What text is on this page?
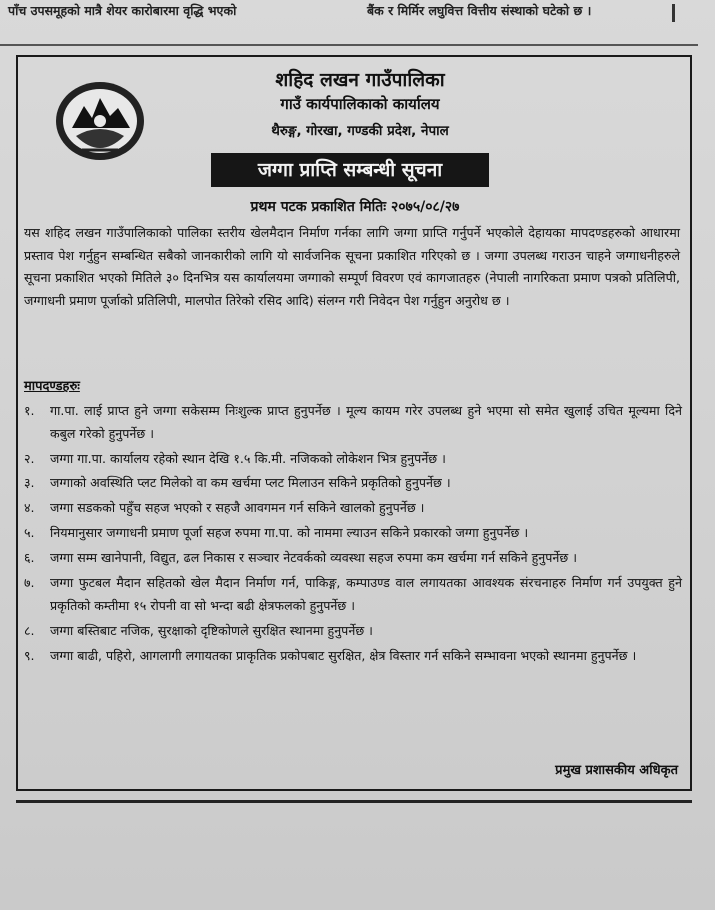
पाँच उपसमूहको मात्रै शेयर कारोबारमा वृद्धि भएको	बैंक र मिर्मिर लघुवित्त वित्तीय संस्थाको घटेको छ ।
शहिद लखन गाउँपालिका
गाउँ कार्यपालिकाको कार्यालय
थैरुङ्ग, गोरखा, गण्डकी प्रदेश, नेपाल
जग्गा प्राप्ति सम्बन्धी सूचना
प्रथम पटक प्रकाशित मितिः २०७५/०८/२७
यस शहिद लखन गाउँपालिकाको पालिका स्तरीय खेलमैदान निर्माण गर्नका लागि जग्गा प्राप्ति गर्नुपर्ने भएकोले देहायका मापदण्डहरुको आधारमा प्रस्ताव पेश गर्नुहुन सम्बन्धित सबैको जानकारीको लागि यो सार्वजनिक सूचना प्रकाशित गरिएको छ । जग्गा उपलब्ध गराउन चाहने जग्गाधनीहरुले सूचना प्रकाशित भएको मितिले ३० दिनभित्र यस कार्यालयमा जग्गाको सम्पूर्ण विवरण एवं कागजातहरु (नेपाली नागरिकता प्रमाण पत्रको प्रतिलिपी, जग्गाधनी प्रमाण पूर्जाको प्रतिलिपी, मालपोत तिरेको रसिद आदि) संलग्न गरी निवेदन पेश गर्नुहुन अनुरोध छ ।
मापदण्डहरुः
१.	गा.पा. लाई प्राप्त हुने जग्गा सकेसम्म निःशुल्क प्राप्त हुनुपर्नेछ । मूल्य कायम गरेर उपलब्ध हुने भएमा सो समेत खुलाई उचित मूल्यमा दिने कबुल गरेको हुनुपर्नेछ ।
२.	जग्गा गा.पा. कार्यालय रहेको स्थान देखि १.५ कि.मी. नजिकको लोकेशन भित्र हुनुपर्नेछ ।
३.	जग्गाको अवस्थिति प्लट मिलेको वा कम खर्चमा प्लट मिलाउन सकिने प्रकृतिको हुनुपर्नेछ ।
४.	जग्गा सडकको पहुँच सहज भएको र सहजै आवगमन गर्न सकिने खालको हुनुपर्नेछ ।
५.	नियमानुसार जग्गाधनी प्रमाण पूर्जा सहज रुपमा गा.पा. को नाममा ल्याउन सकिने प्रकारको जग्गा हुनुपर्नेछ ।
६.	जग्गा सम्म खानेपानी, विद्युत, ढल निकास र सञ्चार नेटवर्कको व्यवस्था सहज रुपमा कम खर्चमा गर्न सकिने हुनुपर्नेछ ।
७.	जग्गा फुटबल मैदान सहितको खेल मैदान निर्माण गर्न, पाकिङ्ग, कम्पाउण्ड वाल लगायतका आवश्यक संरचनाहरु निर्माण गर्न उपयुक्त हुने प्रकृतिको कम्तीमा १५ रोपनी वा सो भन्दा बढी क्षेत्रफलको हुनुपर्नेछ ।
८.	जग्गा बस्तिबाट नजिक, सुरक्षाको दृष्टिकोणले सुरक्षित स्थानमा हुनुपर्नेछ ।
९.	जग्गा बाढी, पहिरो, आगलागी लगायतका प्राकृतिक प्रकोपबाट सुरक्षित, क्षेत्र विस्तार गर्न सकिने सम्भावना भएको स्थानमा हुनुपर्नेछ ।
प्रमुख प्रशासकीय अधिकृत
